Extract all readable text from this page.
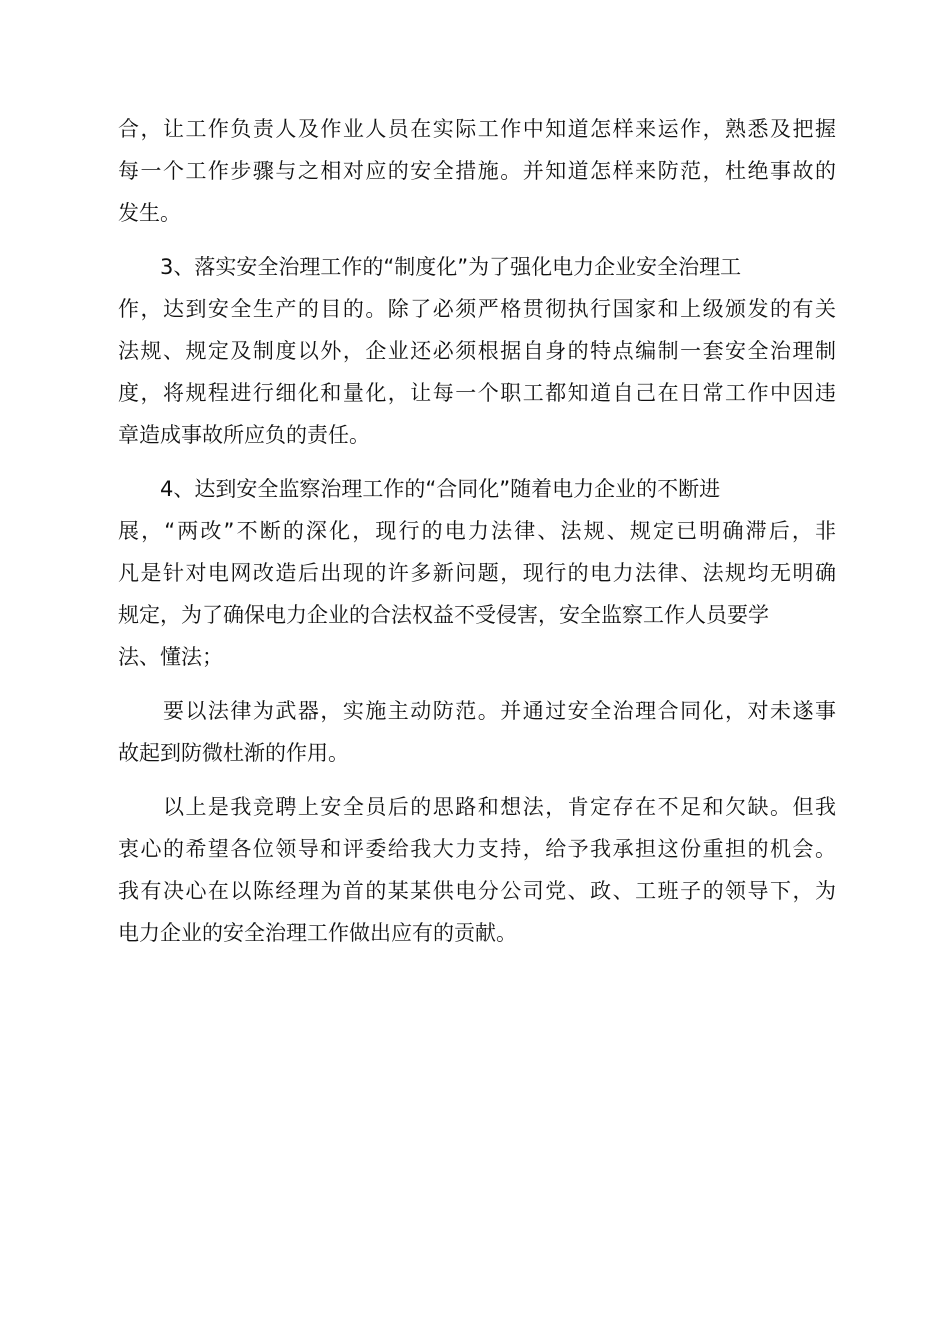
合，让工作负责人及作业人员在实际工作中知道怎样来运作，熟悉及把握
每一个工作步骤与之相对应的安全措施。并知道怎样来防范，杜绝事故的
发生。

　　3、落实安全治理工作的“制度化”为了强化电力企业安全治理工
作，达到安全生产的目的。除了必须严格贯彻执行国家和上级颁发的有关
法规、规定及制度以外，企业还必须根据自身的特点编制一套安全治理制
度，将规程进行细化和量化，让每一个职工都知道自己在日常工作中因违
章造成事故所应负的责任。

　　4、达到安全监察治理工作的“合同化”随着电力企业的不断进
展，“两改”不断的深化，现行的电力法律、法规、规定已明确滞后，非
凡是针对电网改造后出现的许多新问题，现行的电力法律、法规均无明确
规定，为了确保电力企业的合法权益不受侵害，安全监察工作人员要学
法、懂法；

　　要以法律为武器，实施主动防范。并通过安全治理合同化，对未遂事
故起到防微杜渐的作用。

　　以上是我竞聘上安全员后的思路和想法，肯定存在不足和欠缺。但我
衷心的希望各位领导和评委给我大力支持，给予我承担这份重担的机会。
我有决心在以陈经理为首的某某供电分公司党、政、工班子的领导下，为
电力企业的安全治理工作做出应有的贡献。
